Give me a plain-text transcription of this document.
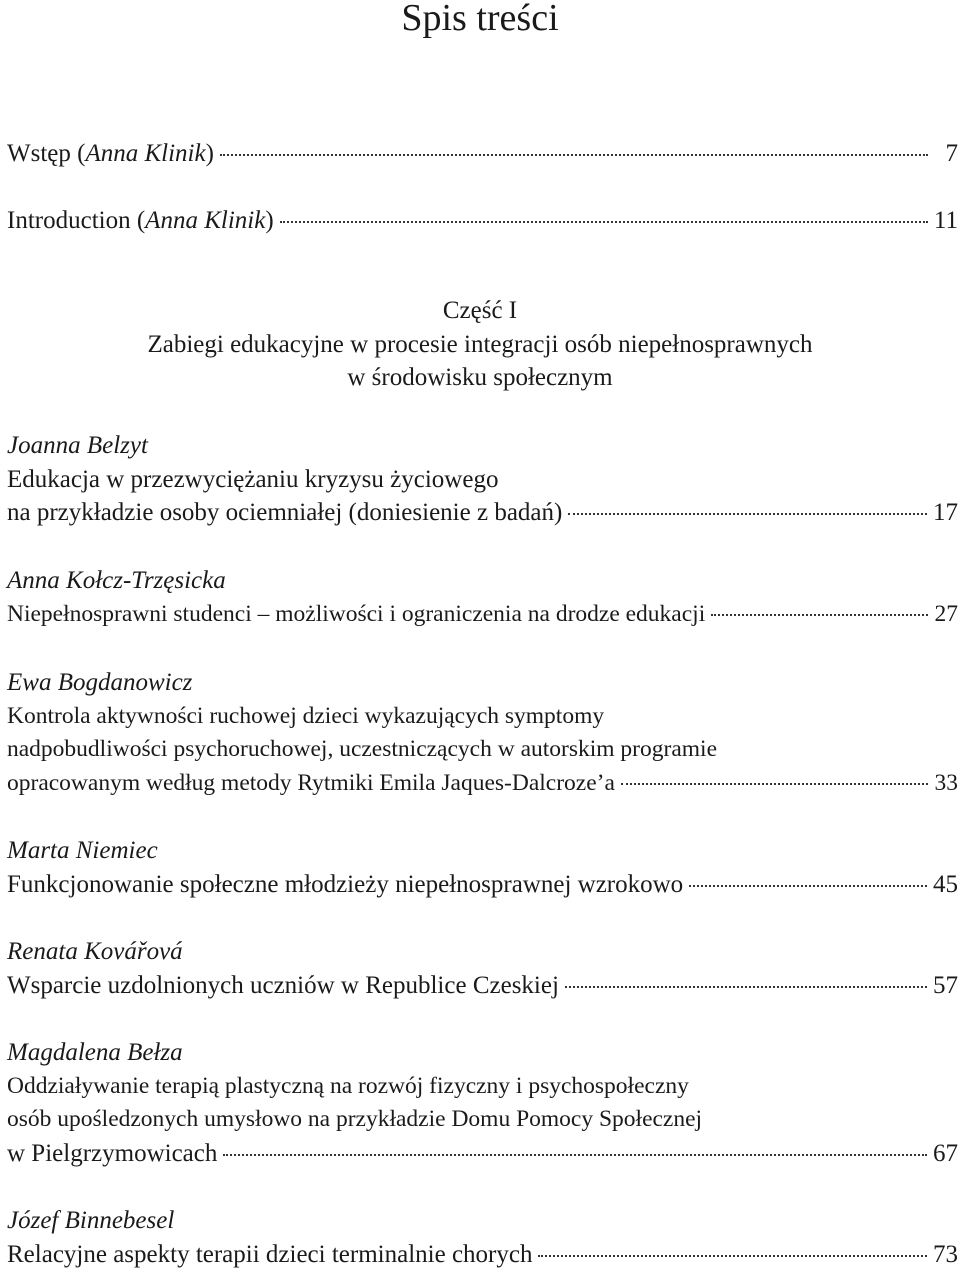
Spis treści
Wstęp (Anna Klinik)	7
Introduction (Anna Klinik)	11
Część I
Zabiegi edukacyjne w procesie integracji osób niepełnosprawnych
w środowisku społecznym
Joanna Belzyt
Edukacja w przezwyciężaniu kryzysu życiowego
na przykładzie osoby ociemniałej (doniesienie z badań)	17
Anna Kołcz-Trzęsicka
Niepełnosprawni studenci – możliwości i ograniczenia na drodze edukacji	27
Ewa Bogdanowicz
Kontrola aktywności ruchowej dzieci wykazujących symptomy
nadpobudliwości psychoruchowej, uczestniczących w autorskim programie
opracowanym według metody Rytmiki Emila Jaques-Dalcroze’a	33
Marta Niemiec
Funkcjonowanie społeczne młodzieży niepełnosprawnej wzrokowo	45
Renata Kovářová
Wsparcie uzdolnionych uczniów w Republice Czeskiej	57
Magdalena Bełza
Oddziaływanie terapią plastyczną na rozwój fizyczny i psychospołeczny
osób upośledzonych umysłowo na przykładzie Domu Pomocy Społecznej
w Pielgrzymowicach	67
Józef Binnebesel
Relacyjne aspekty terapii dzieci terminalnie chorych	73
